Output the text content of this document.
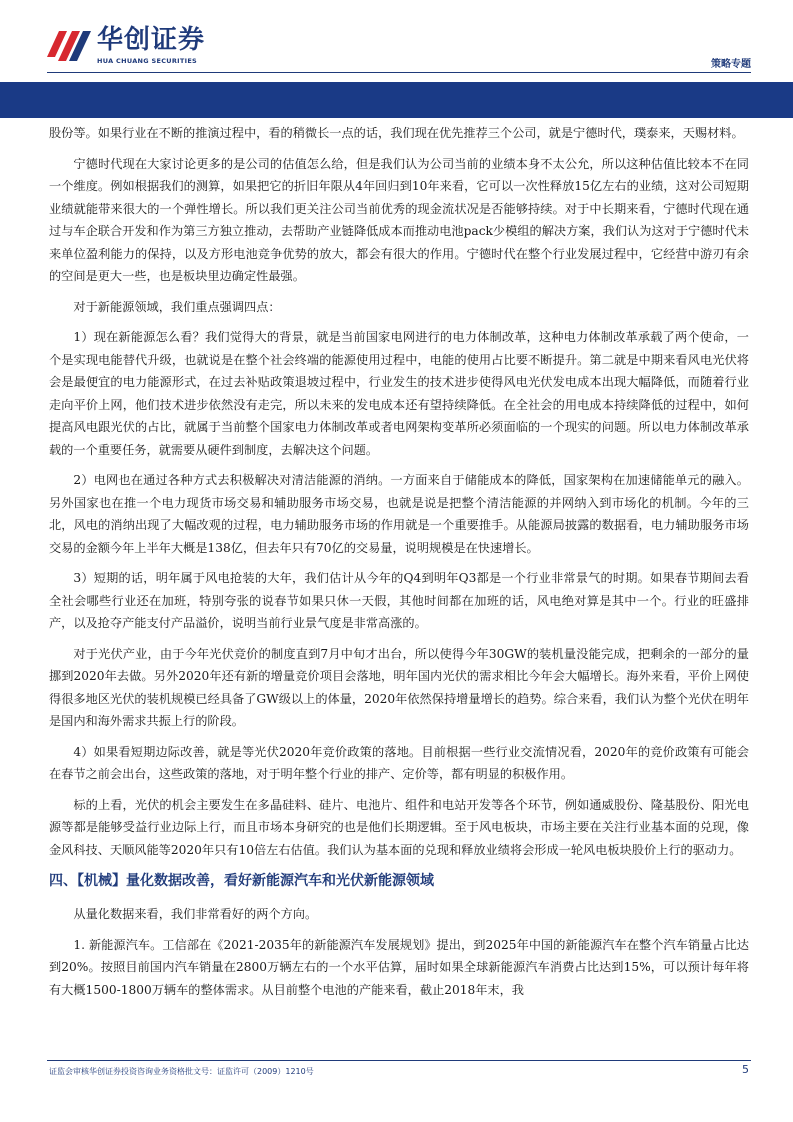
华创证券
HUA CHUANG SECURITIES	策略专题

股份等。如果行业在不断的推演过程中，看的稍微长一点的话，我们现在优先推荐三个公司，就是宁德时代，璞泰来，天赐材料。

宁德时代现在大家讨论更多的是公司的估值怎么给，但是我们认为公司当前的业绩本身不太公允，所以这种估值比较本不在同一个维度。例如根据我们的测算，如果把它的折旧年限从4年回归到10年来看，它可以一次性释放15亿左右的业绩，这对公司短期业绩就能带来很大的一个弹性增长。所以我们更关注公司当前优秀的现金流状况是否能够持续。对于中长期来看，宁德时代现在通过与车企联合开发和作为第三方独立推动，去帮助产业链降低成本而推动电池pack少模组的解决方案，我们认为这对于宁德时代未来单位盈利能力的保持，以及方形电池竞争优势的放大，都会有很大的作用。宁德时代在整个行业发展过程中，它经营中游刃有余的空间是更大一些，也是板块里边确定性最强。

对于新能源领域，我们重点强调四点：

1）现在新能源怎么看？我们觉得大的背景，就是当前国家电网进行的电力体制改革，这种电力体制改革承载了两个使命，一个是实现电能替代升级，也就说是在整个社会终端的能源使用过程中，电能的使用占比要不断提升。第二就是中期来看风电光伏将会是最便宜的电力能源形式，在过去补贴政策退坡过程中，行业发生的技术进步使得风电光伏发电成本出现大幅降低，而随着行业走向平价上网，他们技术进步依然没有走完，所以未来的发电成本还有望持续降低。在全社会的用电成本持续降低的过程中，如何提高风电跟光伏的占比，就属于当前整个国家电力体制改革或者电网架构变革所必须面临的一个现实的问题。所以电力体制改革承载的一个重要任务，就需要从硬件到制度，去解决这个问题。

2）电网也在通过各种方式去积极解决对清洁能源的消纳。一方面来自于储能成本的降低，国家架构在加速储能单元的融入。另外国家也在推一个电力现货市场交易和辅助服务市场交易，也就是说是把整个清洁能源的并网纳入到市场化的机制。今年的三北，风电的消纳出现了大幅改观的过程，电力辅助服务市场的作用就是一个重要推手。从能源局披露的数据看，电力辅助服务市场交易的金额今年上半年大概是138亿，但去年只有70亿的交易量，说明规模是在快速增长。

3）短期的话，明年属于风电抢装的大年，我们估计从今年的Q4到明年Q3都是一个行业非常景气的时期。如果春节期间去看全社会哪些行业还在加班，特别夸张的说春节如果只休一天假，其他时间都在加班的话，风电绝对算是其中一个。行业的旺盛排产，以及抢夺产能支付产品溢价，说明当前行业景气度是非常高涨的。

对于光伏产业，由于今年光伏竞价的制度直到7月中旬才出台，所以使得今年30GW的装机量没能完成，把剩余的一部分的量挪到2020年去做。另外2020年还有新的增量竞价项目会落地，明年国内光伏的需求相比今年会大幅增长。海外来看，平价上网使得很多地区光伏的装机规模已经具备了GW级以上的体量，2020年依然保持增量增长的趋势。综合来看，我们认为整个光伏在明年是国内和海外需求共振上行的阶段。

4）如果看短期边际改善，就是等光伏2020年竞价政策的落地。目前根据一些行业交流情况看，2020年的竞价政策有可能会在春节之前会出台，这些政策的落地，对于明年整个行业的排产、定价等，都有明显的积极作用。

标的上看，光伏的机会主要发生在多晶硅料、硅片、电池片、组件和电站开发等各个环节，例如通威股份、隆基股份、阳光电源等都是能够受益行业边际上行，而且市场本身研究的也是他们长期逻辑。至于风电板块，市场主要在关注行业基本面的兑现，像金风科技、天顺风能等2020年只有10倍左右估值。我们认为基本面的兑现和释放业绩将会形成一轮风电板块股价上行的驱动力。

四、【机械】量化数据改善，看好新能源汽车和光伏新能源领域

从量化数据来看，我们非常看好的两个方向。

1. 新能源汽车。工信部在《2021-2035年的新能源汽车发展规划》提出，到2025年中国的新能源汽车在整个汽车销量占比达到20%。按照目前国内汽车销量在2800万辆左右的一个水平估算，届时如果全球新能源汽车消费占比达到15%，可以预计每年将有大概1500-1800万辆车的整体需求。从目前整个电池的产能来看，截止2018年末，我

证监会审核华创证券投资咨询业务资格批文号：证监许可（2009）1210号	5
